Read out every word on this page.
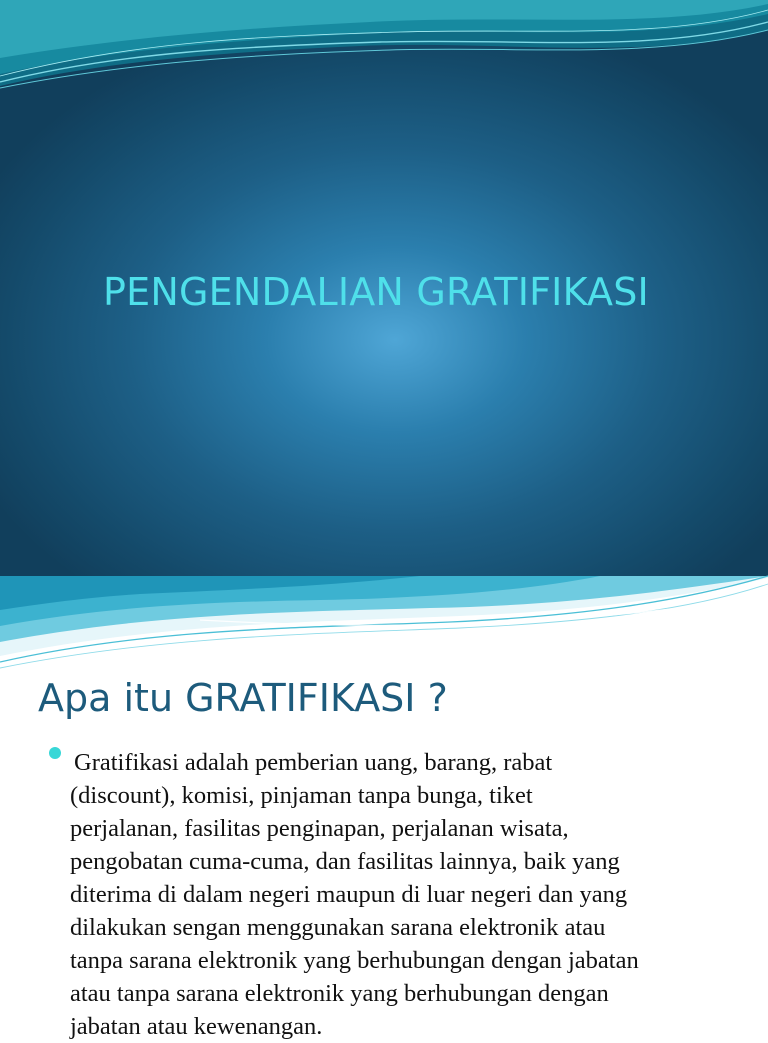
PENGENDALIAN GRATIFIKASI
Apa itu GRATIFIKASI ?
Gratifikasi adalah pemberian uang, barang, rabat
(discount), komisi, pinjaman tanpa bunga, tiket
perjalanan, fasilitas penginapan, perjalanan wisata,
pengobatan cuma-cuma, dan fasilitas lainnya, baik yang
diterima di dalam negeri maupun di luar negeri dan yang
dilakukan sengan menggunakan sarana elektronik atau
tanpa sarana elektronik yang berhubungan dengan jabatan
atau tanpa sarana elektronik yang berhubungan dengan
jabatan atau kewenangan.
